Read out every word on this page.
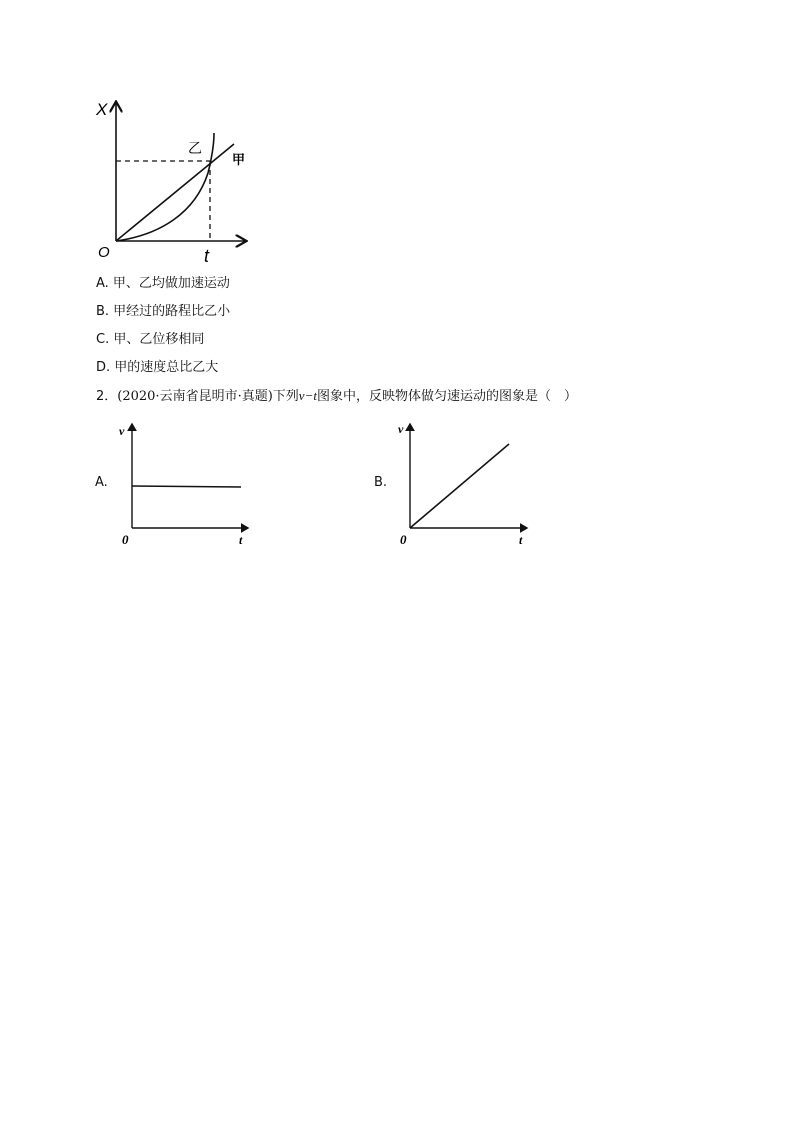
X
t
O
乙
甲
A. 甲、乙均做加速运动
B. 甲经过的路程比乙小
C. 甲、乙位移相同
D. 甲的速度总比乙大
2．(2020·云南省昆明市·真题)下列v−t图象中，反映物体做匀速运动的图象是（　）
A.
v
t
0
B.
v
t
0
